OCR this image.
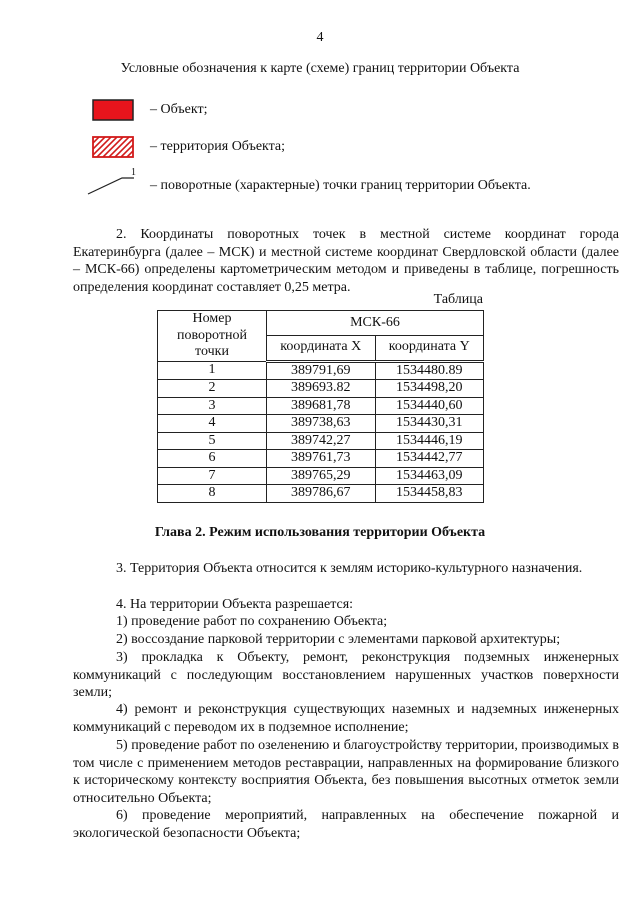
4
Условные обозначения к карте (схеме) границ территории Объекта
– Объект;
– территория Объекта;
1
– поворотные (характерные) точки границ территории Объекта.
2. Координаты поворотных точек в местной системе координат города Екатеринбурга (далее – МСК) и местной системе координат Свердловской области (далее – МСК-66) определены картометрическим методом и приведены в таблице, погрешность определения координат составляет 0,25 метра.
Таблица
Номер поворотной точки	МСК-66	
	координата X	координата Y
1	389791,69	1534480.89
2	389693.82	1534498,20
3	389681,78	1534440,60
4	389738,63	1534430,31
5	389742,27	1534446,19
6	389761,73	1534442,77
7	389765,29	1534463,09
8	389786,67	1534458,83
Глава 2. Режим использования территории Объекта
3. Территория Объекта относится к землям историко-культурного назначения.
4. На территории Объекта разрешается:
1) проведение работ по сохранению Объекта;
2) воссоздание парковой территории с элементами парковой архитектуры;
3) прокладка к Объекту, ремонт, реконструкция подземных инженерных коммуникаций с последующим восстановлением нарушенных участков поверхности земли;
4) ремонт и реконструкция существующих наземных и надземных инженерных коммуникаций с переводом их в подземное исполнение;
5) проведение работ по озеленению и благоустройству территории, производимых в том числе с применением методов реставрации, направленных на формирование близкого к историческому контексту восприятия Объекта, без повышения высотных отметок земли относительно Объекта;
6) проведение мероприятий, направленных на обеспечение пожарной и экологической безопасности Объекта;
